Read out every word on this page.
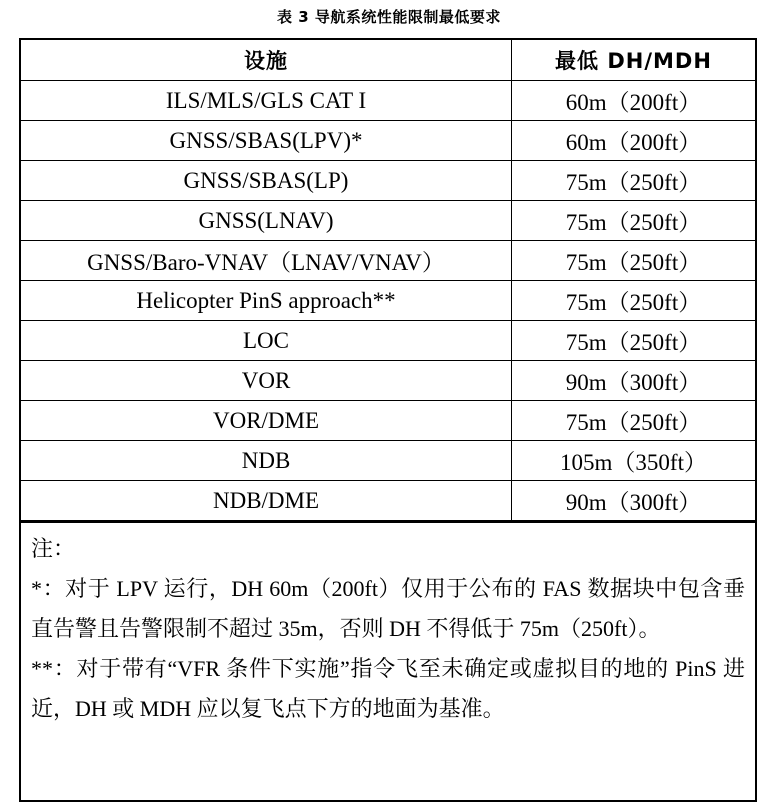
表 3 导航系统性能限制最低要求
设施	最低 DH/MDH
ILS/MLS/GLS CAT I	60m（200ft）
GNSS/SBAS(LPV)*	60m（200ft）
GNSS/SBAS(LP)	75m（250ft）
GNSS(LNAV)	75m（250ft）
GNSS/Baro-VNAV（LNAV/VNAV）	75m（250ft）
Helicopter PinS approach**	75m（250ft）
LOC	75m（250ft）
VOR	90m（300ft）
VOR/DME	75m（250ft）
NDB	105m（350ft）
NDB/DME	90m（300ft）

注：

*：对于 LPV 运行，DH 60m（200ft）仅用于公布的 FAS 数据块中包含垂直告警且告警限制不超过 35m，否则 DH 不得低于 75m（250ft）。

**：对于带有“VFR 条件下实施”指令飞至未确定或虚拟目的地的 PinS 进近，DH 或 MDH 应以复飞点下方的地面为基准。
